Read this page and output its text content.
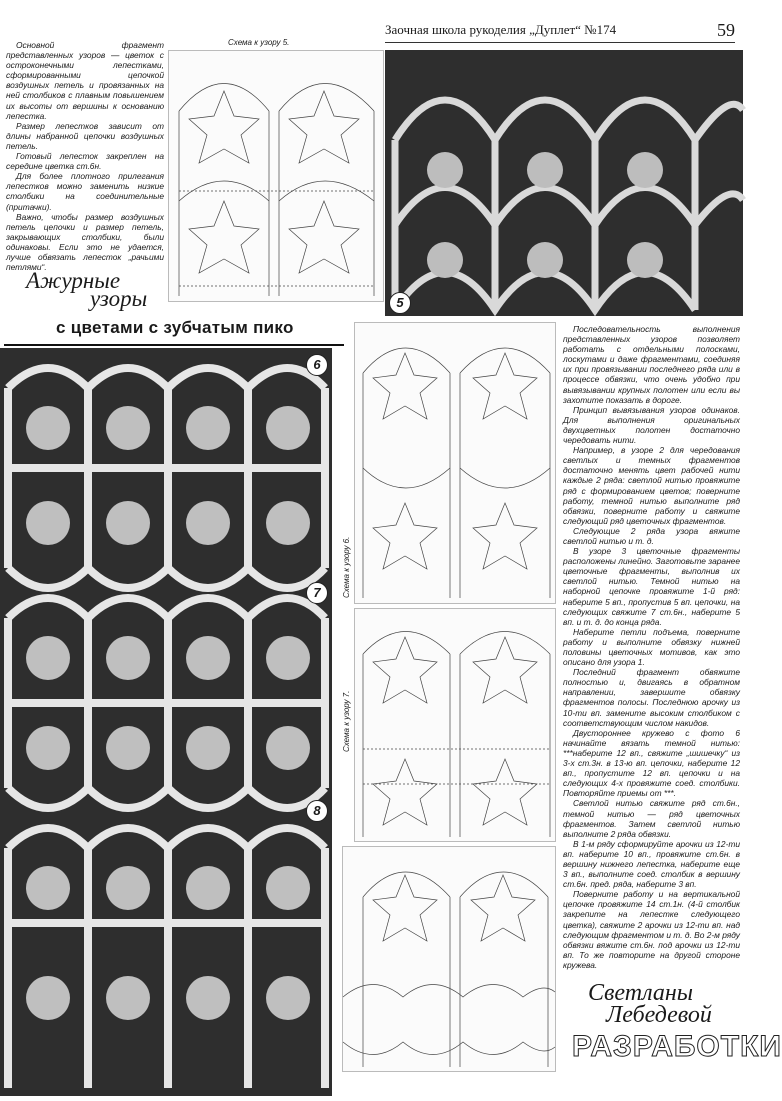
Заочная школа рукоделия „Дуплет“ №174	59

Основной фрагмент представленных узоров — цветок с остроконечными лепестками, сформированными цепочкой воздушных петель и провязанных на ней столбиков с плавным повышением их высоты от вершины к основанию лепестка.

Размер лепестков зависит от длины набранной цепочки воздушных петель.

Готовый лепесток закреплен на середине цветка ст.6н.

Для более плотного прилегания лепестков можно заменить низкие столбики на соединительные (притачки).

Важно, чтобы размер воздушных петель цепочки и размер петель, закрывающих столбики, были одинаковы. Если это не удается, лучше обвязать лепесток „рачьими петлями“.

Схема к узору 5.
5
Ажурные
узоры
с цветами с зубчатым пико
6
7
8
Схема к узору 6.
Схема к узору 7.

Последовательность выполнения представленных узоров позволяет работать с отдельными полосками, лоскутами и даже фрагментами, соединяя их при провязывании последнего ряда или в процессе обвязки, что очень удобно при вывязывании крупных полотен или если вы захотите показать в дороге.

Принцип вывязывания узоров одинаков. Для выполнения оригинальных двухцветных полотен достаточно чередовать нити.

Например, в узоре 2 для чередования светлых и темных фрагментов достаточно менять цвет рабочей нити каждые 2 ряда: светлой нитью провяжите ряд с формированием цветов; поверните работу, темной нитью выполните ряд обвязки, поверните работу и свяжите следующий ряд цветочных фрагментов.

Следующие 2 ряда узора вяжите светлой нитью и т. д.

В узоре 3 цветочные фрагменты расположены линейно. Заготовьте заранее цветочные фрагменты, выполнив их светлой нитью. Темной нитью на наборной цепочке провяжите 1-й ряд: наберите 5 вп., пропустив 5 вп. цепочки, на следующих свяжите 7 ст.6н., наберите 5 вп. и т. д. до конца ряда.

Наберите петли подъема, поверните работу и выполните обвязку нижней половины цветочных мотивов, как это описано для узора 1.

Последний фрагмент обвяжите полностью и, двигаясь в обратном направлении, завершите обвязку фрагментов полосы. Последнюю арочку из 10-ти вп. замените высоким столбиком с соответствующим числом накидов.

Двустороннее кружево с фото 6 начинайте вязать темной нитью: ***наберите 12 вп., свяжите „шишечку“ из 3-х ст.3н. в 13-ю вп. цепочки, наберите 12 вп., пропустите 12 вп. цепочки и на следующих 4-х провяжите соед. столбики. Повторяйте приемы от ***.

Светлой нитью свяжите ряд ст.6н., темной нитью — ряд цветочных фрагментов. Затем светлой нитью выполните 2 ряда обвязки.

В 1-м ряду сформируйте арочки из 12-ти вп. наберите 10 вп., провяжите ст.6н. в вершину нижнего лепестка, наберите еще 3 вп., выполните соед. столбик в вершину ст.6н. пред. ряда, наберите 3 вп.

Поверните работу и на вертикальной цепочке провяжите 14 ст.1н. (4-й столбик закрепите на лепестке следующего цветка), свяжите 2 арочки из 12-ти вп. над следующим фрагментом и т. д. Во 2-м ряду обвязки вяжите ст.6н. под арочки из 12-ти вп. То же повторите на другой стороне кружева.

Светланы
Лебедевой
РАЗРАБОТКИ
